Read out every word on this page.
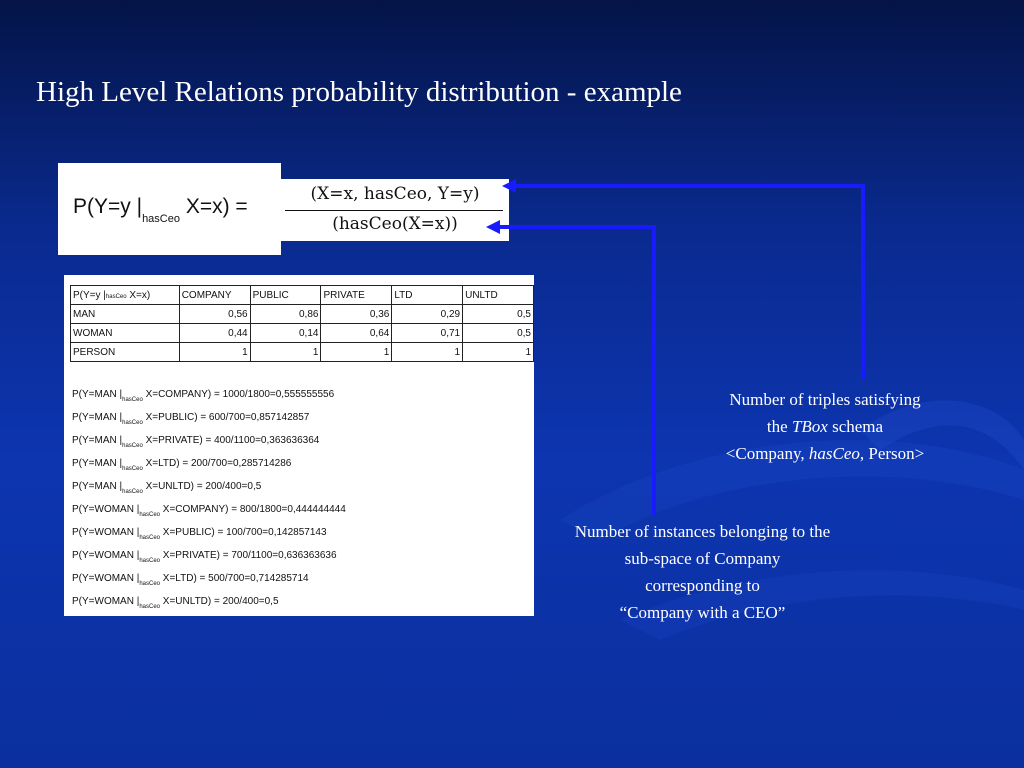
High Level Relations probability distribution - example
P(Y=y $|_{hasCeo}$ X=x) =
(X=x, hasCeo, Y=y)
(hasCeo(X=x))
P(Y=y |hasCeo X=x)	COMPANY	PUBLIC	PRIVATE	LTD	UNLTD
MAN	0,56	0,86	0,36	0,29	0,5
WOMAN	0,44	0,14	0,64	0,71	0,5
PERSON	1	1	1	1	1
P(Y=MAN $|_{hasCeo}$ X=COMPANY) = 1000/1800=0,555555556
P(Y=MAN $|_{hasCeo}$ X=PUBLIC) = 600/700=0,857142857
P(Y=MAN $|_{hasCeo}$ X=PRIVATE) = 400/1100=0,363636364
P(Y=MAN $|_{hasCeo}$ X=LTD) = 200/700=0,285714286
P(Y=MAN $|_{hasCeo}$ X=UNLTD) = 200/400=0,5
P(Y=WOMAN $|_{hasCeo}$ X=COMPANY) = 800/1800=0,444444444
P(Y=WOMAN $|_{hasCeo}$ X=PUBLIC) = 100/700=0,142857143
P(Y=WOMAN $|_{hasCeo}$ X=PRIVATE) = 700/1100=0,636363636
P(Y=WOMAN $|_{hasCeo}$ X=LTD) = 500/700=0,714285714
P(Y=WOMAN $|_{hasCeo}$ X=UNLTD) = 200/400=0,5
Number of triples satisfying
the TBox schema
<Company, hasCeo, Person>
Number of instances belonging to the
sub-space of Company
corresponding to
“Company with a CEO”
